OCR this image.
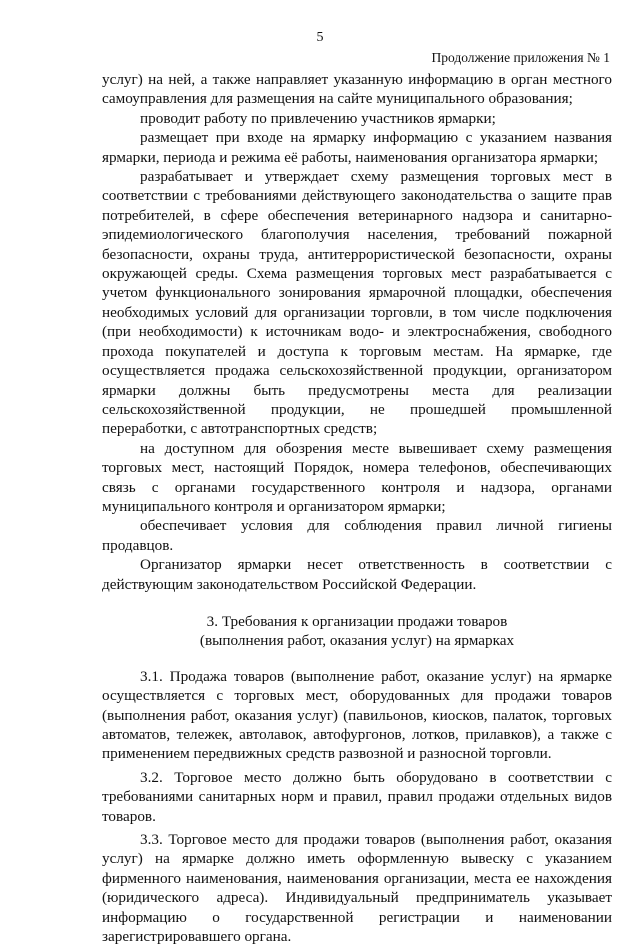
5
Продолжение приложения № 1

услуг) на ней, а также направляет указанную информацию в орган местного самоуправления для размещения на сайте муниципального образования;

проводит работу по привлечению участников ярмарки;

размещает при входе на ярмарку информацию с указанием названия ярмарки, периода и режима её работы, наименования организатора ярмарки;

разрабатывает и утверждает схему размещения торговых мест в соответствии с требованиями действующего законодательства о защите прав потребителей, в сфере обеспечения ветеринарного надзора и санитарно-эпидемиологического благополучия населения, требований пожарной безопасности, охраны труда, антитеррористической безопасности, охраны окружающей среды. Схема размещения торговых мест разрабатывается с учетом функционального зонирования ярмарочной площадки, обеспечения необходимых условий для организации торговли, в том числе подключения (при необходимости) к источникам водо- и электроснабжения, свободного прохода покупателей и доступа к торговым местам. На ярмарке, где осуществляется продажа сельскохозяйственной продукции, организатором ярмарки должны быть предусмотрены места для реализации сельскохозяйственной продукции, не прошедшей промышленной переработки, с автотранспортных средств;

на доступном для обозрения месте вывешивает схему размещения торговых мест, настоящий Порядок, номера телефонов, обеспечивающих связь с органами государственного контроля и надзора, органами муниципального контроля и организатором ярмарки;

обеспечивает условия для соблюдения правил личной гигиены продавцов.

Организатор ярмарки несет ответственность в соответствии с действующим законодательством Российской Федерации.

3. Требования к организации продажи товаров
(выполнения работ, оказания услуг) на ярмарках

3.1. Продажа товаров (выполнение работ, оказание услуг) на ярмарке осуществляется с торговых мест, оборудованных для продажи товаров (выполнения работ, оказания услуг) (павильонов, киосков, палаток, торговых автоматов, тележек, автолавок, автофургонов, лотков, прилавков), а также с применением передвижных средств развозной и разносной торговли.

3.2. Торговое место должно быть оборудовано в соответствии с требованиями санитарных норм и правил, правил продажи отдельных видов товаров.

3.3. Торговое место для продажи товаров (выполнения работ, оказания услуг) на ярмарке должно иметь оформленную вывеску с указанием фирменного наименования, наименования организации, места ее нахождения (юридического адреса). Индивидуальный предприниматель указывает информацию о государственной регистрации и наименовании зарегистрировавшего органа.
